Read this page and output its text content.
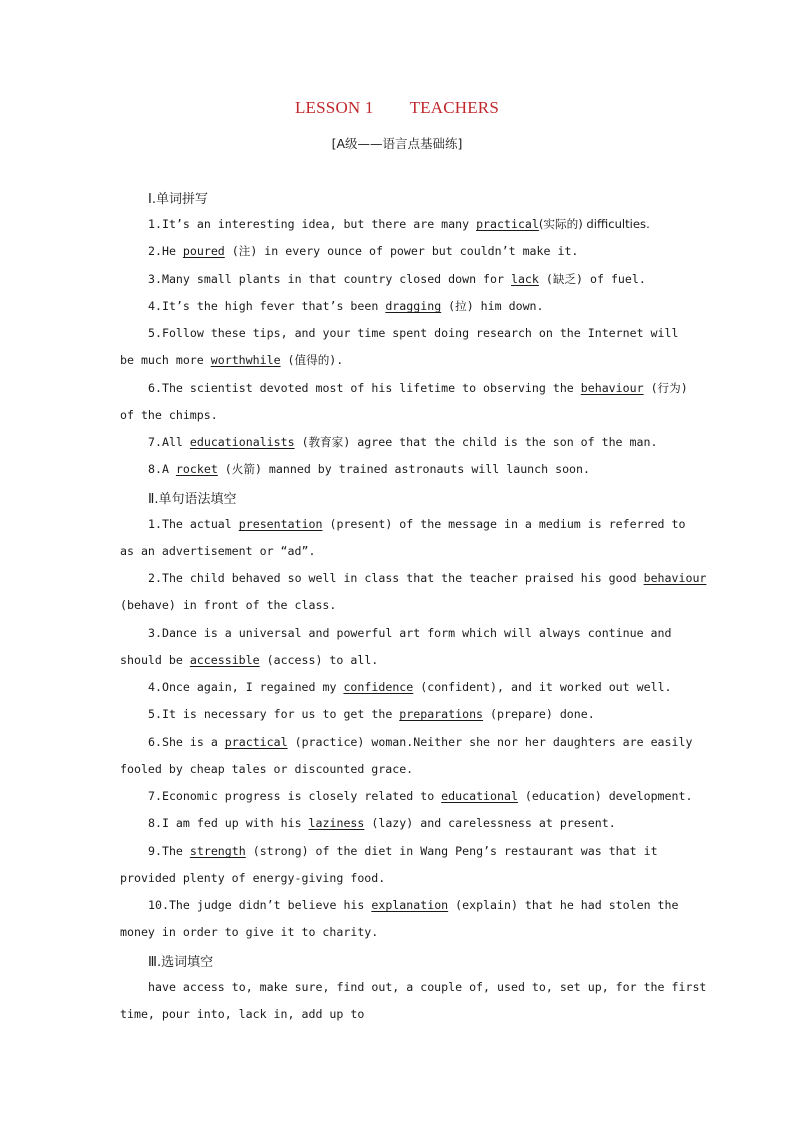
LESSON 1 TEACHERS
[A级——语言点基础练]
Ⅰ.单词拼写
1.It’s an interesting idea, but there are many practical(实际的) difficulties.
2.He poured (注) in every ounce of power but couldn’t make it.
3.Many small plants in that country closed down for lack (缺乏) of fuel.
4.It’s the high fever that’s been dragging (拉) him down.
5.Follow these tips, and your time spent doing research on the Internet will
be much more worthwhile (值得的).
6.The scientist devoted most of his lifetime to observing the behaviour (行为)
of the chimps.
7.All educationalists (教育家) agree that the child is the son of the man.
8.A rocket (火箭) manned by trained astronauts will launch soon.
Ⅱ.单句语法填空
1.The actual presentation (present) of the message in a medium is referred to
as an advertisement or “ad”.
2.The child behaved so well in class that the teacher praised his good behaviour
(behave) in front of the class.
3.Dance is a universal and powerful art form which will always continue and
should be accessible (access) to all.
4.Once again, I regained my confidence (confident), and it worked out well.
5.It is necessary for us to get the preparations (prepare) done.
6.She is a practical (practice) woman.Neither she nor her daughters are easily
fooled by cheap tales or discounted grace.
7.Economic progress is closely related to educational (education) development.
8.I am fed up with his laziness (lazy) and carelessness at present.
9.The strength (strong) of the diet in Wang Peng’s restaurant was that it
provided plenty of energy-giving food.
10.The judge didn’t believe his explanation (explain) that he had stolen the
money in order to give it to charity.
Ⅲ.选词填空
have access to, make sure, find out, a couple of, used to, set up, for the first
time, pour into, lack in, add up to
